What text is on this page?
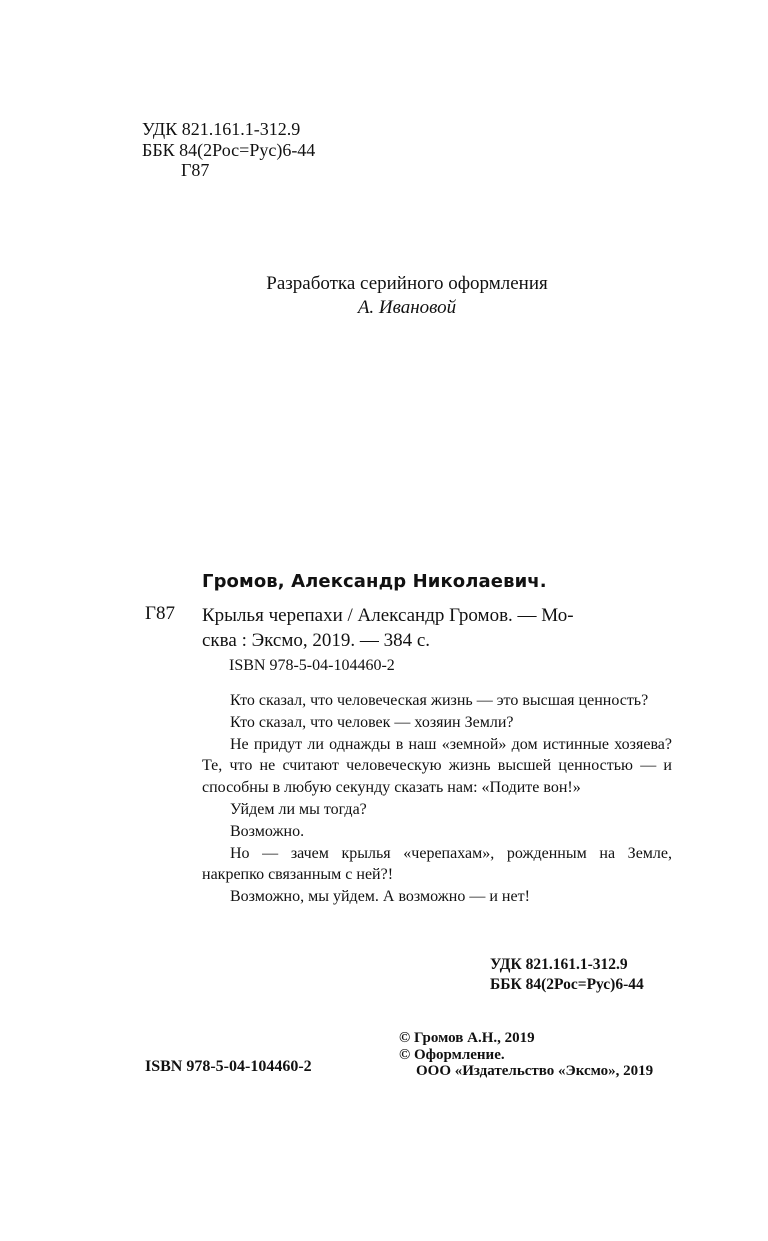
УДК 821.161.1-312.9
ББК 84(2Рос=Рус)6-44
Г87
Разработка серийного оформления
А. Ивановой
Громов, Александр Николаевич.
Г87 Крылья черепахи / Александр Громов. — Мо-
сква : Эксмо, 2019. — 384 с.
ISBN 978-5-04-104460-2

Кто сказал, что человеческая жизнь — это высшая ценность?

Кто сказал, что человек — хозяин Земли?

Не придут ли однажды в наш «земной» дом истинные хозяева? Те, что не считают человеческую жизнь высшей ценностью — и способны в любую секунду сказать нам: «Подите вон!»

Уйдем ли мы тогда?

Возможно.

Но — зачем крылья «черепахам», рожденным на Земле, накрепко связанным с ней?!

Возможно, мы уйдем. А возможно — и нет!

УДК 821.161.1-312.9
ББК 84(2Рос=Рус)6-44
© Громов А.Н., 2019
© Оформление.
ООО «Издательство «Эксмо», 2019
ISBN 978-5-04-104460-2
